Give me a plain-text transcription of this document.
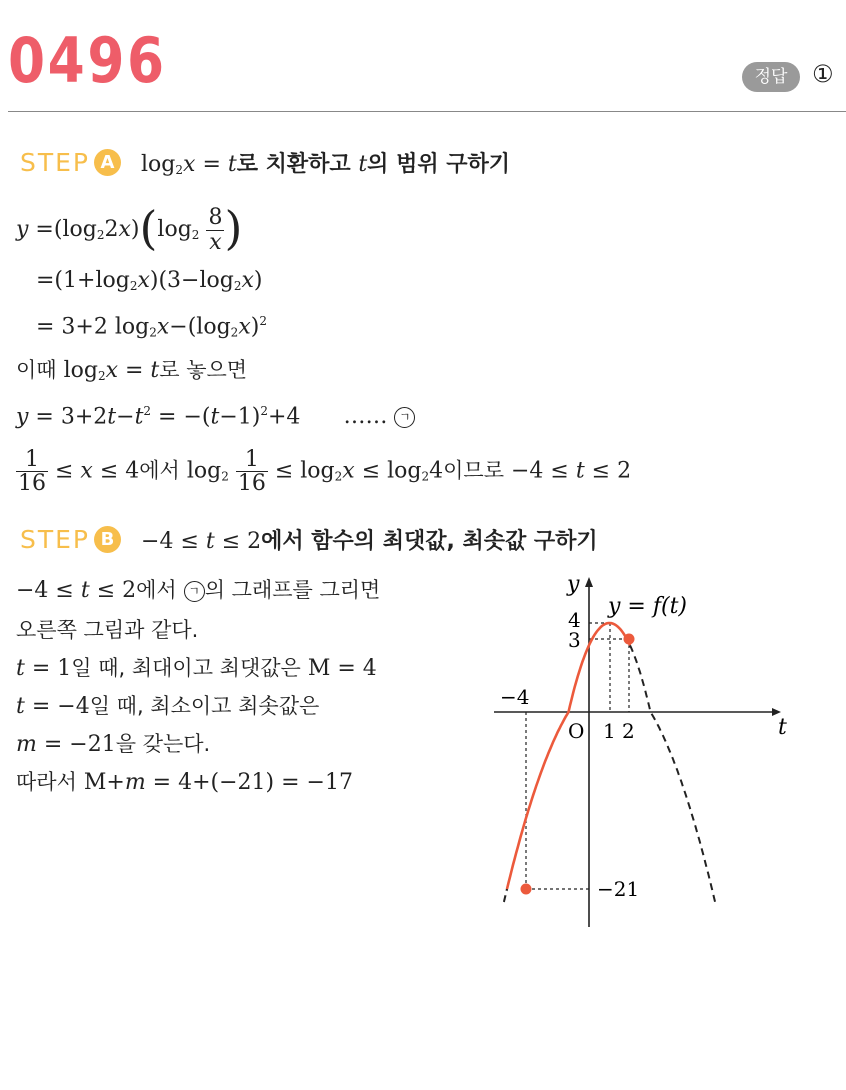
0496	정답	①
STEP A $\log_2x = t$로 치환하고 t의 범위 구하기
$y =(\log_22x)(\log_2 \frac{8}{x}$ )
$=(1+\log_2x)(3-\log_2x)$
= 3+2 $\log_2x-(\log_2x)^2$
이때 $\log_2x = t$로 놓으면
$y = 3+2t-t^2 = -(t-1)^2+4$ …… ㄱ
$\frac{1}{16} \le x \le 4$에서 $\log_2 \frac{1}{16} \le \log_2x \le \log_24$이므로 −4 ≤ t ≤ 2
STEP B	−4 ≤ t ≤ 2에서 함수의 최댓값, 최솟값 구하기
−4 ≤ t ≤ 2에서 ㄱ 의 그래프를 그리면
오른쪽 그림과 같다.
t = 1일 때, 최대이고 최댓값은 M = 4
t = −4일 때, 최소이고 최솟값은
m = −21을 갖는다.
따라서 M+m = 4+(−21) = −17
y
t
y = f(t)
O
4
3
−4
1 2
−21
